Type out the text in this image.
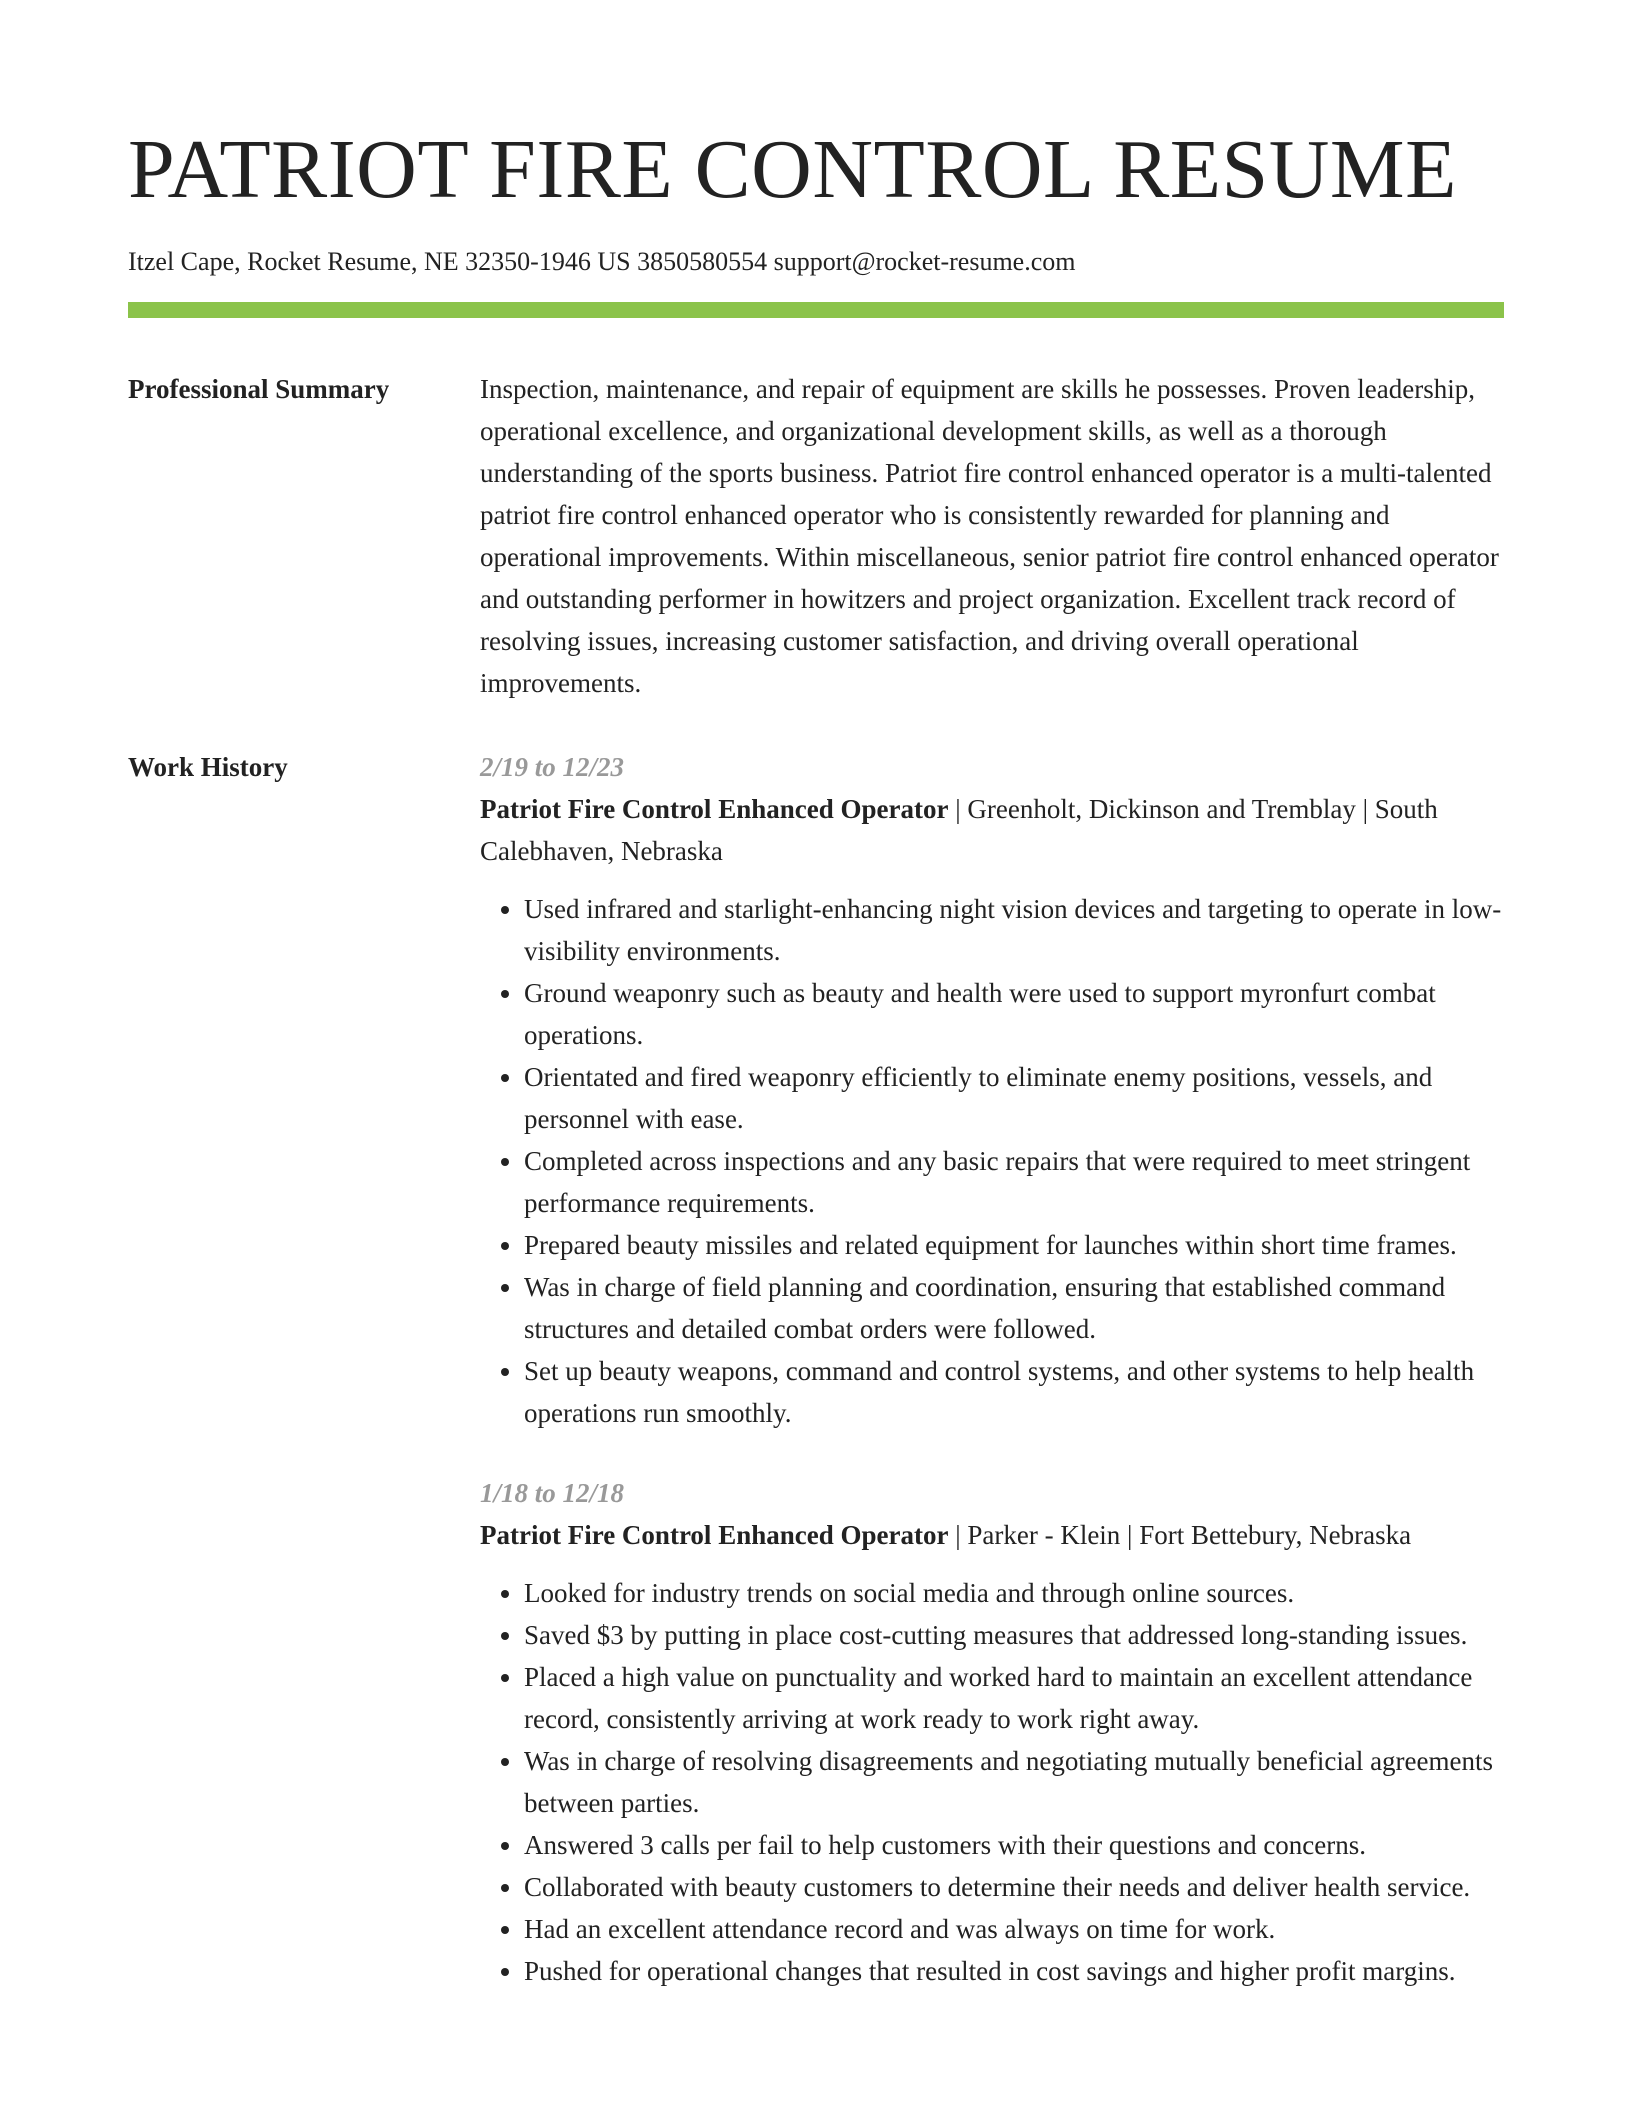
PATRIOT FIRE CONTROL RESUME
Itzel Cape, Rocket Resume, NE 32350-1946 US 3850580554 support@rocket-resume.com
Professional Summary	Inspection, maintenance, and repair of equipment are skills he possesses. Proven leadership, operational excellence, and organizational development skills, as well as a thorough understanding of the sports business. Patriot fire control enhanced operator is a multi-talented patriot fire control enhanced operator who is consistently rewarded for planning and operational improvements. Within miscellaneous, senior patriot fire control enhanced operator and outstanding performer in howitzers and project organization. Excellent track record of resolving issues, increasing customer satisfaction, and driving overall operational improvements.

Work History	2/19 to 12/23
Patriot Fire Control Enhanced Operator | Greenholt, Dickinson and Tremblay | South Calebhaven, Nebraska
• Used infrared and starlight-enhancing night vision devices and targeting to operate in low-visibility environments.
• Ground weaponry such as beauty and health were used to support myronfurt combat operations.
• Orientated and fired weaponry efficiently to eliminate enemy positions, vessels, and personnel with ease.
• Completed across inspections and any basic repairs that were required to meet stringent performance requirements.
• Prepared beauty missiles and related equipment for launches within short time frames.
• Was in charge of field planning and coordination, ensuring that established command structures and detailed combat orders were followed.
• Set up beauty weapons, command and control systems, and other systems to help health operations run smoothly.
1/18 to 12/18
Patriot Fire Control Enhanced Operator | Parker - Klein | Fort Bettebury, Nebraska
• Looked for industry trends on social media and through online sources.
• Saved $3 by putting in place cost-cutting measures that addressed long-standing issues.
• Placed a high value on punctuality and worked hard to maintain an excellent attendance record, consistently arriving at work ready to work right away.
• Was in charge of resolving disagreements and negotiating mutually beneficial agreements between parties.
• Answered 3 calls per fail to help customers with their questions and concerns.
• Collaborated with beauty customers to determine their needs and deliver health service.
• Had an excellent attendance record and was always on time for work.
• Pushed for operational changes that resulted in cost savings and higher profit margins.
